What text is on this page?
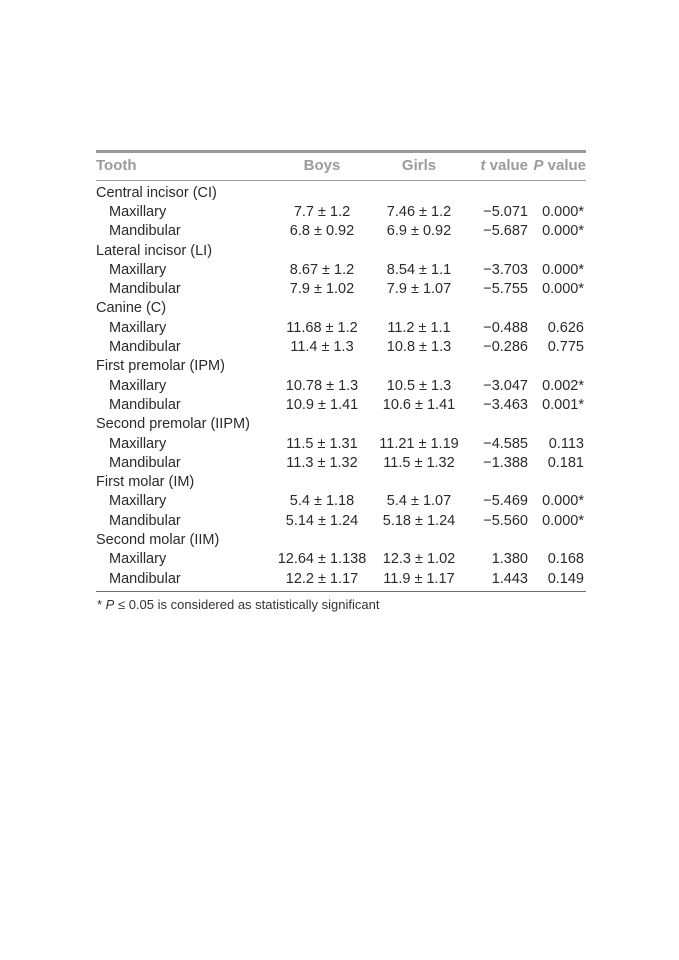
Tooth	Boys	Girls	t value	P value

Central incisor (CI)				
Maxillary	7.7 ± 1.2	7.46 ± 1.2	−5.071	0.000*
Mandibular	6.8 ± 0.92	6.9 ± 0.92	−5.687	0.000*
Lateral incisor (LI)				
Maxillary	8.67 ± 1.2	8.54 ± 1.1	−3.703	0.000*
Mandibular	7.9 ± 1.02	7.9 ± 1.07	−5.755	0.000*
Canine (C)				
Maxillary	11.68 ± 1.2	11.2 ± 1.1	−0.488	0.626
Mandibular	11.4 ± 1.3	10.8 ± 1.3	−0.286	0.775
First premolar (IPM)				
Maxillary	10.78 ± 1.3	10.5 ± 1.3	−3.047	0.002*
Mandibular	10.9 ± 1.41	10.6 ± 1.41	−3.463	0.001*
Second premolar (IIPM)				
Maxillary	11.5 ± 1.31	11.21 ± 1.19	−4.585	0.113
Mandibular	11.3 ± 1.32	11.5 ± 1.32	−1.388	0.181
First molar (IM)				
Maxillary	5.4 ± 1.18	5.4 ± 1.07	−5.469	0.000*
Mandibular	5.14 ± 1.24	5.18 ± 1.24	−5.560	0.000*
Second molar (IIM)				
Maxillary	12.64 ± 1.138	12.3 ± 1.02	1.380	0.168
Mandibular	12.2 ± 1.17	11.9 ± 1.17	1.443	0.149
* P ≤ 0.05 is considered as statistically significant
